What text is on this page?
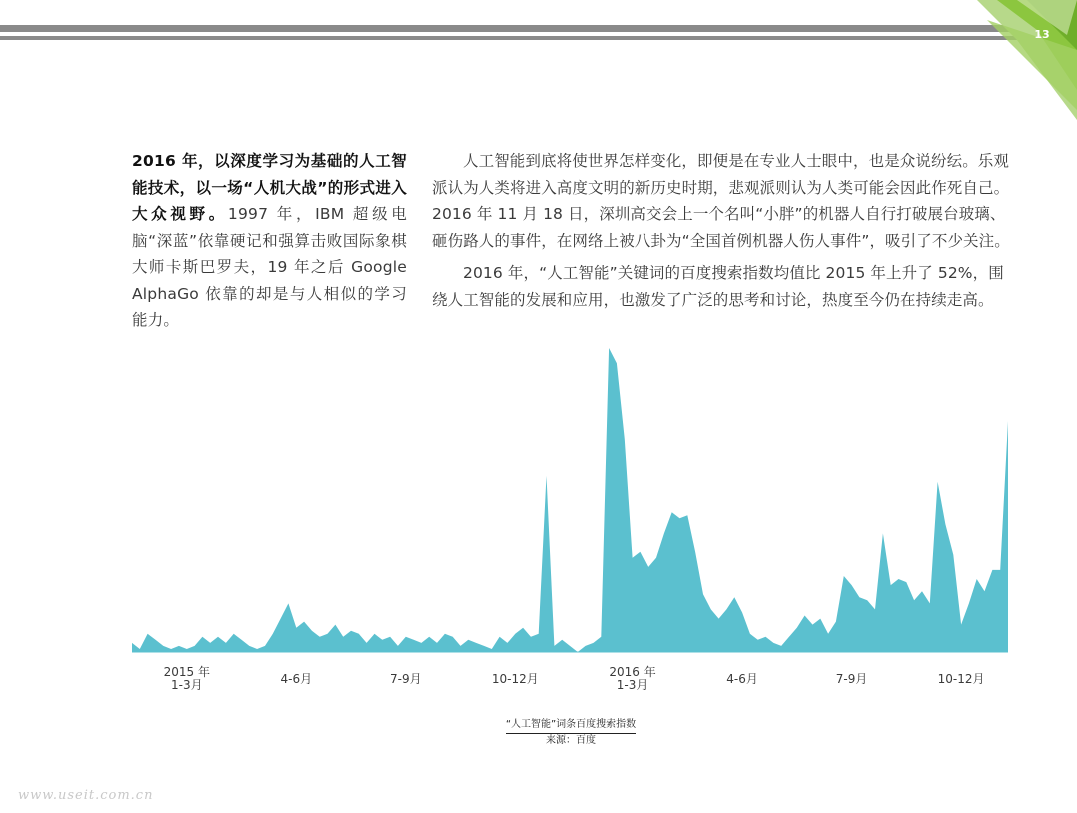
13
2016 年，以深度学习为基础的人工智能技术，以一场“人机大战”的形式进入大众视野。1997 年，IBM 超级电脑“深蓝”依靠硬记和强算击败国际象棋大师卡斯巴罗夫，19 年之后 Google AlphaGo 依靠的却是与人相似的学习能力。

人工智能到底将使世界怎样变化，即便是在专业人士眼中，也是众说纷纭。乐观派认为人类将进入高度文明的新历史时期，悲观派则认为人类可能会因此作死自己。2016 年 11 月 18 日，深圳高交会上一个名叫“小胖”的机器人自行打破展台玻璃、砸伤路人的事件，在网络上被八卦为“全国首例机器人伤人事件”，吸引了不少关注。

2016 年，“人工智能”关键词的百度搜索指数均值比 2015 年上升了 52%，围绕人工智能的发展和应用，也激发了广泛的思考和讨论，热度至今仍在持续走高。

2015 年 1-3月	4-6月	7-9月	10-12月	2016 年 1-3月	4-6月	7-9月	10-12月
“人工智能”词条百度搜索指数
来源：百度
www.useit.com.cn
